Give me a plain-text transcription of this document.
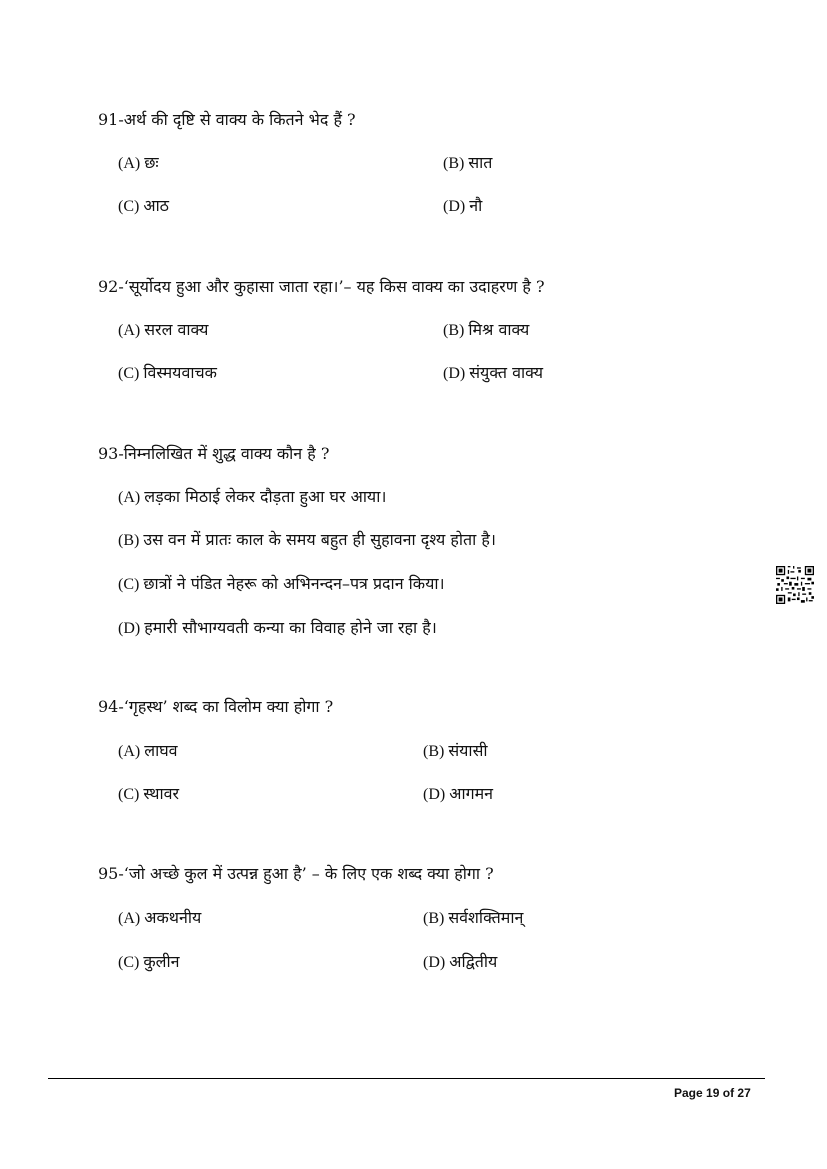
91-अर्थ की दृष्टि से वाक्य के कितने भेद हैं ?
(A) छः	(B) सात
(C) आठ	(D) नौ
92-‘सूर्योदय हुआ और कुहासा जाता रहा।’– यह किस वाक्य का उदाहरण है ?
(A) सरल वाक्य	(B) मिश्र वाक्य
(C) विस्मयवाचक	(D) संयुक्त वाक्य
93-निम्नलिखित में शुद्ध वाक्य कौन है ?
(A) लड़का मिठाई लेकर दौड़ता हुआ घर आया।
(B) उस वन में प्रातः काल के समय बहुत ही सुहावना दृश्य होता है।
(C) छात्रों ने पंडित नेहरू को अभिनन्दन–पत्र प्रदान किया।
(D) हमारी सौभाग्यवती कन्या का विवाह होने जा रहा है।
94-‘गृहस्थ’ शब्द का विलोम क्या होगा ?
(A) लाघव	(B) संयासी
(C) स्थावर	(D) आगमन
95-‘जो अच्छे कुल में उत्पन्न हुआ है’ – के लिए एक शब्द क्या होगा ?
(A) अकथनीय	(B) सर्वशक्तिमान्
(C) कुलीन	(D) अद्वितीय
Page 19 of 27
